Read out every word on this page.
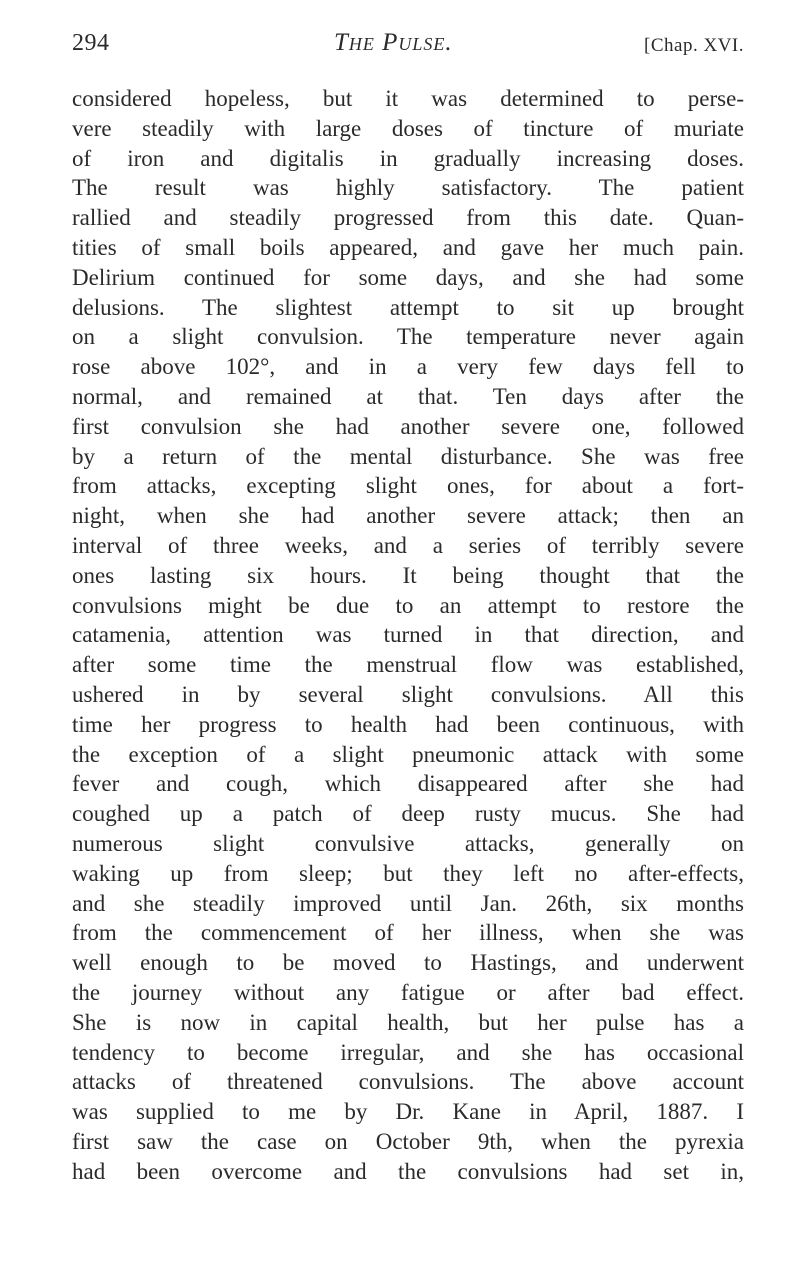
294	The Pulse.	[Chap. XVI.
considered hopeless, but it was determined to perse-
vere steadily with large doses of tincture of muriate
of iron and digitalis in gradually increasing doses.
The result was highly satisfactory. The patient
rallied and steadily progressed from this date. Quan-
tities of small boils appeared, and gave her much pain.
Delirium continued for some days, and she had some
delusions. The slightest attempt to sit up brought
on a slight convulsion. The temperature never again
rose above 102°, and in a very few days fell to
normal, and remained at that. Ten days after the
first convulsion she had another severe one, followed
by a return of the mental disturbance. She was free
from attacks, excepting slight ones, for about a fort-
night, when she had another severe attack; then an
interval of three weeks, and a series of terribly severe
ones lasting six hours. It being thought that the
convulsions might be due to an attempt to restore the
catamenia, attention was turned in that direction, and
after some time the menstrual flow was established,
ushered in by several slight convulsions. All this
time her progress to health had been continuous, with
the exception of a slight pneumonic attack with some
fever and cough, which disappeared after she had
coughed up a patch of deep rusty mucus. She had
numerous slight convulsive attacks, generally on
waking up from sleep; but they left no after-effects,
and she steadily improved until Jan. 26th, six months
from the commencement of her illness, when she was
well enough to be moved to Hastings, and underwent
the journey without any fatigue or after bad effect.
She is now in capital health, but her pulse has a
tendency to become irregular, and she has occasional
attacks of threatened convulsions. The above account
was supplied to me by Dr. Kane in April, 1887. I
first saw the case on October 9th, when the pyrexia
had been overcome and the convulsions had set in,
